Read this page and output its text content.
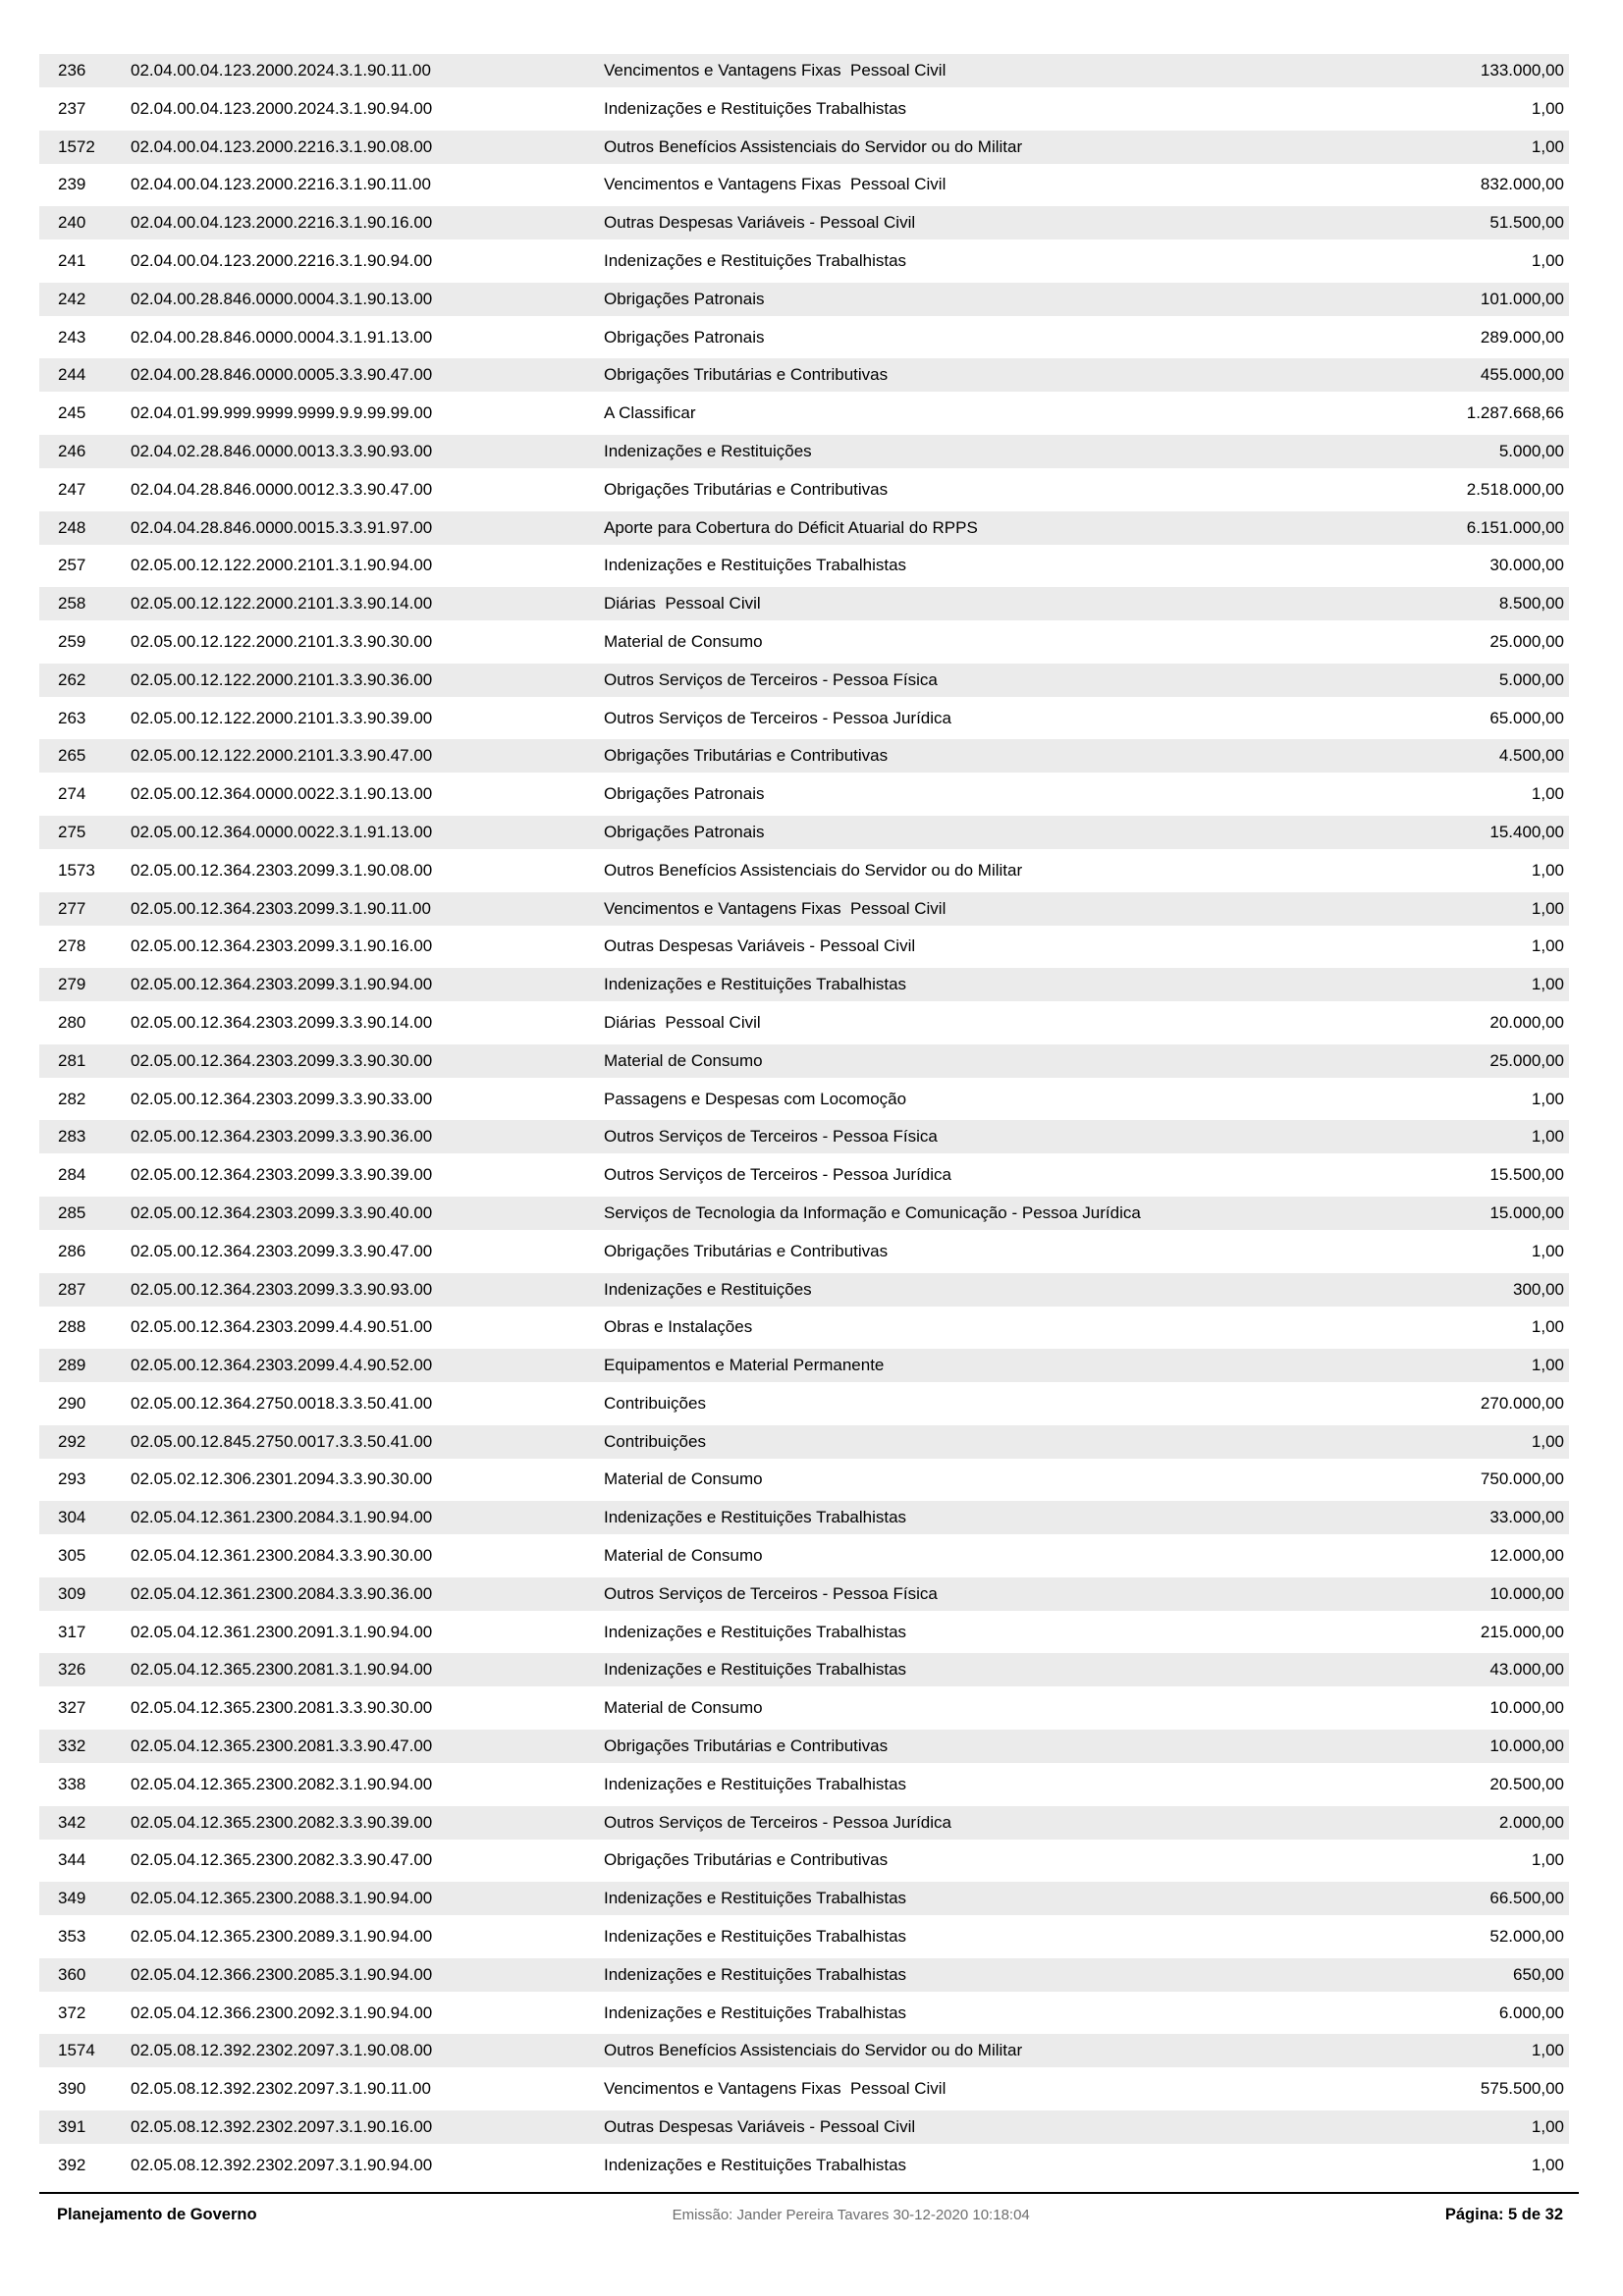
236	02.04.00.04.123.2000.2024.3.1.90.11.00	Vencimentos e Vantagens Fixas  Pessoal Civil	133.000,00
237	02.04.00.04.123.2000.2024.3.1.90.94.00	Indenizações e Restituições Trabalhistas	1,00
1572	02.04.00.04.123.2000.2216.3.1.90.08.00	Outros Benefícios Assistenciais do Servidor ou do Militar	1,00
239	02.04.00.04.123.2000.2216.3.1.90.11.00	Vencimentos e Vantagens Fixas  Pessoal Civil	832.000,00
240	02.04.00.04.123.2000.2216.3.1.90.16.00	Outras Despesas Variáveis - Pessoal Civil	51.500,00
241	02.04.00.04.123.2000.2216.3.1.90.94.00	Indenizações e Restituições Trabalhistas	1,00
242	02.04.00.28.846.0000.0004.3.1.90.13.00	Obrigações Patronais	101.000,00
243	02.04.00.28.846.0000.0004.3.1.91.13.00	Obrigações Patronais	289.000,00
244	02.04.00.28.846.0000.0005.3.3.90.47.00	Obrigações Tributárias e Contributivas	455.000,00
245	02.04.01.99.999.9999.9999.9.9.99.99.00	A Classificar	1.287.668,66
246	02.04.02.28.846.0000.0013.3.3.90.93.00	Indenizações e Restituições	5.000,00
247	02.04.04.28.846.0000.0012.3.3.90.47.00	Obrigações Tributárias e Contributivas	2.518.000,00
248	02.04.04.28.846.0000.0015.3.3.91.97.00	Aporte para Cobertura do Déficit Atuarial do RPPS	6.151.000,00
257	02.05.00.12.122.2000.2101.3.1.90.94.00	Indenizações e Restituições Trabalhistas	30.000,00
258	02.05.00.12.122.2000.2101.3.3.90.14.00	Diárias  Pessoal Civil	8.500,00
259	02.05.00.12.122.2000.2101.3.3.90.30.00	Material de Consumo	25.000,00
262	02.05.00.12.122.2000.2101.3.3.90.36.00	Outros Serviços de Terceiros - Pessoa Física	5.000,00
263	02.05.00.12.122.2000.2101.3.3.90.39.00	Outros Serviços de Terceiros - Pessoa Jurídica	65.000,00
265	02.05.00.12.122.2000.2101.3.3.90.47.00	Obrigações Tributárias e Contributivas	4.500,00
274	02.05.00.12.364.0000.0022.3.1.90.13.00	Obrigações Patronais	1,00
275	02.05.00.12.364.0000.0022.3.1.91.13.00	Obrigações Patronais	15.400,00
1573	02.05.00.12.364.2303.2099.3.1.90.08.00	Outros Benefícios Assistenciais do Servidor ou do Militar	1,00
277	02.05.00.12.364.2303.2099.3.1.90.11.00	Vencimentos e Vantagens Fixas  Pessoal Civil	1,00
278	02.05.00.12.364.2303.2099.3.1.90.16.00	Outras Despesas Variáveis - Pessoal Civil	1,00
279	02.05.00.12.364.2303.2099.3.1.90.94.00	Indenizações e Restituições Trabalhistas	1,00
280	02.05.00.12.364.2303.2099.3.3.90.14.00	Diárias  Pessoal Civil	20.000,00
281	02.05.00.12.364.2303.2099.3.3.90.30.00	Material de Consumo	25.000,00
282	02.05.00.12.364.2303.2099.3.3.90.33.00	Passagens e Despesas com Locomoção	1,00
283	02.05.00.12.364.2303.2099.3.3.90.36.00	Outros Serviços de Terceiros - Pessoa Física	1,00
284	02.05.00.12.364.2303.2099.3.3.90.39.00	Outros Serviços de Terceiros - Pessoa Jurídica	15.500,00
285	02.05.00.12.364.2303.2099.3.3.90.40.00	Serviços de Tecnologia da Informação e Comunicação - Pessoa Jurídica	15.000,00
286	02.05.00.12.364.2303.2099.3.3.90.47.00	Obrigações Tributárias e Contributivas	1,00
287	02.05.00.12.364.2303.2099.3.3.90.93.00	Indenizações e Restituições	300,00
288	02.05.00.12.364.2303.2099.4.4.90.51.00	Obras e Instalações	1,00
289	02.05.00.12.364.2303.2099.4.4.90.52.00	Equipamentos e Material Permanente	1,00
290	02.05.00.12.364.2750.0018.3.3.50.41.00	Contribuições	270.000,00
292	02.05.00.12.845.2750.0017.3.3.50.41.00	Contribuições	1,00
293	02.05.02.12.306.2301.2094.3.3.90.30.00	Material de Consumo	750.000,00
304	02.05.04.12.361.2300.2084.3.1.90.94.00	Indenizações e Restituições Trabalhistas	33.000,00
305	02.05.04.12.361.2300.2084.3.3.90.30.00	Material de Consumo	12.000,00
309	02.05.04.12.361.2300.2084.3.3.90.36.00	Outros Serviços de Terceiros - Pessoa Física	10.000,00
317	02.05.04.12.361.2300.2091.3.1.90.94.00	Indenizações e Restituições Trabalhistas	215.000,00
326	02.05.04.12.365.2300.2081.3.1.90.94.00	Indenizações e Restituições Trabalhistas	43.000,00
327	02.05.04.12.365.2300.2081.3.3.90.30.00	Material de Consumo	10.000,00
332	02.05.04.12.365.2300.2081.3.3.90.47.00	Obrigações Tributárias e Contributivas	10.000,00
338	02.05.04.12.365.2300.2082.3.1.90.94.00	Indenizações e Restituições Trabalhistas	20.500,00
342	02.05.04.12.365.2300.2082.3.3.90.39.00	Outros Serviços de Terceiros - Pessoa Jurídica	2.000,00
344	02.05.04.12.365.2300.2082.3.3.90.47.00	Obrigações Tributárias e Contributivas	1,00
349	02.05.04.12.365.2300.2088.3.1.90.94.00	Indenizações e Restituições Trabalhistas	66.500,00
353	02.05.04.12.365.2300.2089.3.1.90.94.00	Indenizações e Restituições Trabalhistas	52.000,00
360	02.05.04.12.366.2300.2085.3.1.90.94.00	Indenizações e Restituições Trabalhistas	650,00
372	02.05.04.12.366.2300.2092.3.1.90.94.00	Indenizações e Restituições Trabalhistas	6.000,00
1574	02.05.08.12.392.2302.2097.3.1.90.08.00	Outros Benefícios Assistenciais do Servidor ou do Militar	1,00
390	02.05.08.12.392.2302.2097.3.1.90.11.00	Vencimentos e Vantagens Fixas  Pessoal Civil	575.500,00
391	02.05.08.12.392.2302.2097.3.1.90.16.00	Outras Despesas Variáveis - Pessoal Civil	1,00
392	02.05.08.12.392.2302.2097.3.1.90.94.00	Indenizações e Restituições Trabalhistas	1,00
Planejamento de Governo	Emissão: Jander Pereira Tavares 30-12-2020 10:18:04	Página: 5 de 32
